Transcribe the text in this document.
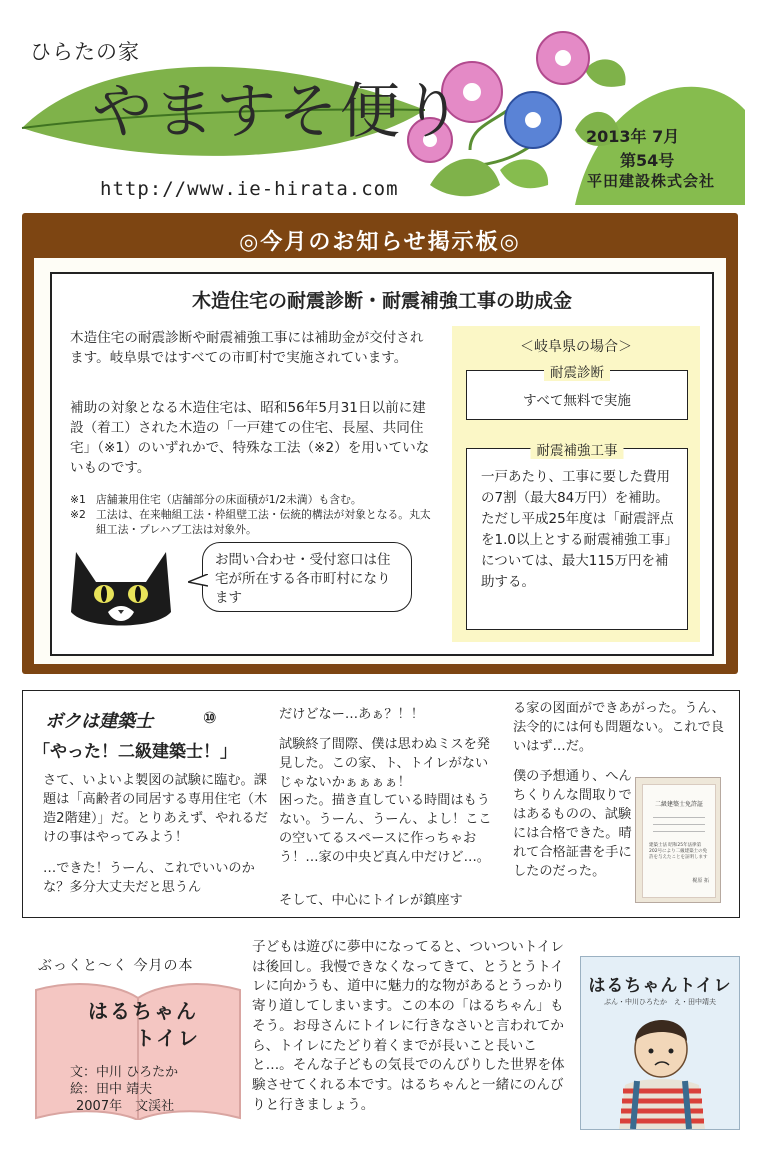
ひらたの家
やますそ便り
http://www.ie-hirata.com
2013年 7月
第54号
平田建設株式会社
◎今月のお知らせ掲示板◎
木造住宅の耐震診断・耐震補強工事の助成金
木造住宅の耐震診断や耐震補強工事には補助金が交付されます。岐阜県ではすべての市町村で実施されています。
補助の対象となる木造住宅は、昭和56年5月31日以前に建設（着工）された木造の「一戸建ての住宅、長屋、共同住宅」（※1）のいずれかで、特殊な工法（※2）を用いていないものです。
※1 店舗兼用住宅（店舗部分の床面積が1/2未満）も含む。
※2 工法は、在来軸組工法・枠組壁工法・伝統的構法が対象となる。丸太組工法・プレハブ工法は対象外。
お問い合わせ・受付窓口は住宅が所在する各市町村になります
＜岐阜県の場合＞
耐震診断
すべて無料で実施
耐震補強工事
一戸あたり、工事に要した費用の7割（最大84万円）を補助。ただし平成25年度は「耐震評点を1.0以上とする耐震補強工事」については、最大115万円を補助する。
ボクは建築士	⑩
「やった！二級建築士！」
さて、いよいよ製図の試験に臨む。課題は「高齢者の同居する専用住宅（木造2階建）」だ。とりあえず、やれるだけの事はやってみよう！
…できた！うーん、これでいいのかな？多分大丈夫だと思うん
だけどなー…あぁ？！！
試験終了間際、僕は思わぬミスを発見した。この家、ト、トイレがないじゃないかぁぁぁぁ！
困った。描き直している時間はもうない。うーん、うーん、よし！ここの空いてるスペースに作っちゃおう！…家の中央ど真ん中だけど…。
そして、中心にトイレが鎮座す
る家の図面ができあがった。うん、法令的には何も問題ない。これで良いはず…だ。
僕の予想通り、へんちくりんな間取りではあるものの、試験には合格できた。晴れて合格証書を手にしたのだった。
二級建築士免許証
建築士法 昭和25年法律第202号により二級建築士の免許を与えたことを証明します
梶原 拓
ぶっくと〜く 今月の本
はるちゃん
トイレ
文：中川 ひろたか
絵：田中 靖夫
2007年　文渓社
子どもは遊びに夢中になってると、ついついトイレは後回し。我慢できなくなってきて、とうとうトイレに向かうも、道中に魅力的な物があるとうっかり寄り道してしまいます。この本の「はるちゃん」もそう。お母さんにトイレに行きなさいと言われてから、トイレにたどり着くまでが長いこと長いこと…。そんな子どもの気長でのんびりした世界を体験させてくれる本です。はるちゃんと一緒にのんびりと行きましょう。
はるちゃんトイレ
ぶん・中川ひろたか　え・田中靖夫
